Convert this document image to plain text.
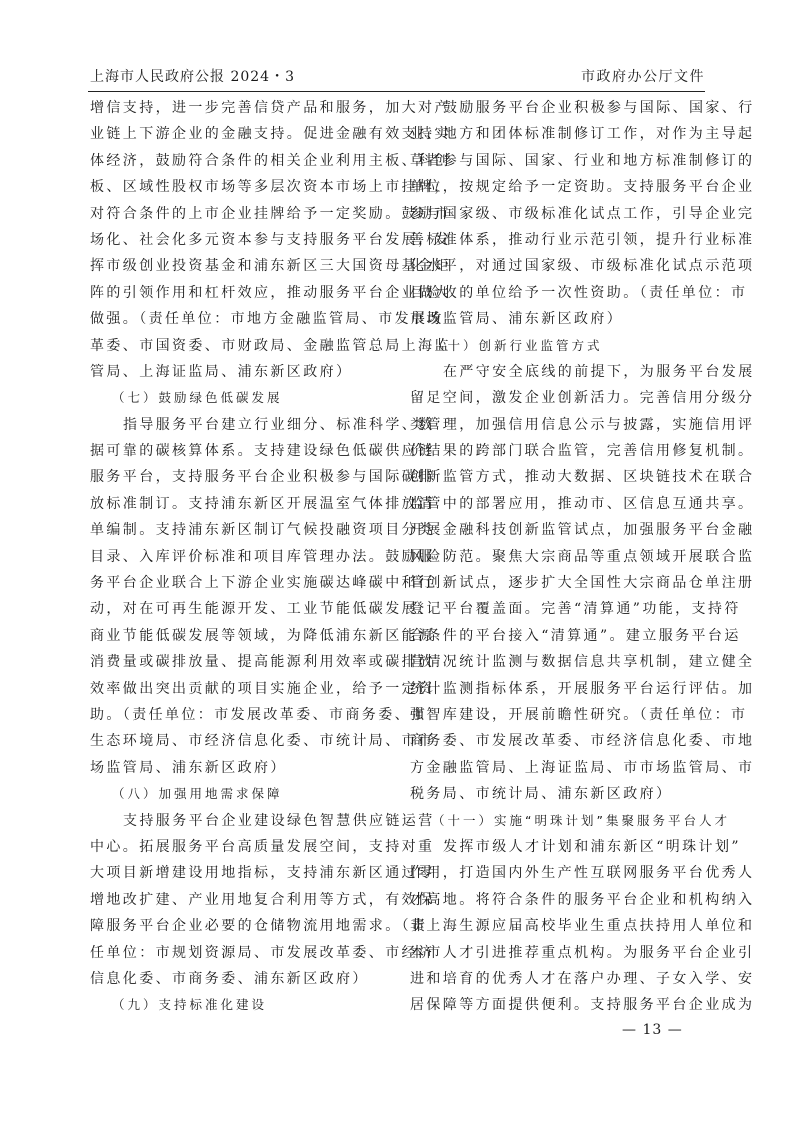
上海市人民政府公报 2024・3	市政府办公厅文件
增信支持，进一步完善信贷产品和服务，加大对产
业链上下游企业的金融支持。促进金融有效支持实
体经济，鼓励符合条件的相关企业利用主板、科创
板、区域性股权市场等多层次资本市场上市挂牌，
对符合条件的上市企业挂牌给予一定奖励。鼓励市
场化、社会化多元资本参与支持服务平台发展，发
挥市级创业投资基金和浦东新区三大国资母基金矩
阵的引领作用和杠杆效应，推动服务平台企业做大
做强。（责任单位：市地方金融监管局、市发展改
革委、市国资委、市财政局、金融监管总局上海监
管局、上海证监局、浦东新区政府）
（七）鼓励绿色低碳发展
指导服务平台建立行业细分、标准科学、数
据可靠的碳核算体系。支持建设绿色低碳供应链
服务平台，支持服务平台企业积极参与国际碳排
放标准制订。支持浦东新区开展温室气体排放清
单编制。支持浦东新区制订气候投融资项目分类
目录、入库评价标准和项目库管理办法。鼓励服
务平台企业联合上下游企业实施碳达峰碳中和行
动，对在可再生能源开发、工业节能低碳发展、
商业节能低碳发展等领域，为降低浦东新区能源
消费量或碳排放量、提高能源利用效率或碳排放
效率做出突出贡献的项目实施企业，给予一定资
助。（责任单位：市发展改革委、市商务委、市
生态环境局、市经济信息化委、市统计局、市市
场监管局、浦东新区政府）
（八）加强用地需求保障
支持服务平台企业建设绿色智慧供应链运营
中心。拓展服务平台高质量发展空间，支持对重
大项目新增建设用地指标，支持浦东新区通过零
增地改扩建、产业用地复合利用等方式，有效保
障服务平台企业必要的仓储物流用地需求。（责
任单位：市规划资源局、市发展改革委、市经济
信息化委、市商务委、浦东新区政府）
（九）支持标准化建设
鼓励服务平台企业积极参与国际、国家、行
业、地方和团体标准制修订工作，对作为主导起
草者参与国际、国家、行业和地方标准制修订的
单位，按规定给予一定资助。支持服务平台企业
参与国家级、市级标准化试点工作，引导企业完
善标准体系，推动行业示范引领，提升行业标准
化水平，对通过国家级、市级标准化试点示范项
目验收的单位给予一次性资助。（责任单位：市
市场监管局、浦东新区政府）
（十）创新行业监管方式
在严守安全底线的前提下，为服务平台发展
留足空间，激发企业创新活力。完善信用分级分
类管理，加强信用信息公示与披露，实施信用评
价结果的跨部门联合监管，完善信用修复机制。
创新监管方式，推动大数据、区块链技术在联合
监管中的部署应用，推动市、区信息互通共享。
开展金融科技创新监管试点，加强服务平台金融
风险防范。聚焦大宗商品等重点领域开展联合监
管创新试点，逐步扩大全国性大宗商品仓单注册
登记平台覆盖面。完善“清算通”功能，支持符
合条件的平台接入“清算通”。建立服务平台运
营情况统计监测与数据信息共享机制，建立健全
统计监测指标体系，开展服务平台运行评估。加
强智库建设，开展前瞻性研究。（责任单位：市
商务委、市发展改革委、市经济信息化委、市地
方金融监管局、上海证监局、市市场监管局、市
税务局、市统计局、浦东新区政府）
（十一）实施“明珠计划”集聚服务平台人才
发挥市级人才计划和浦东新区“明珠计划”
作用，打造国内外生产性互联网服务平台优秀人
才高地。将符合条件的服务平台企业和机构纳入
非上海生源应届高校毕业生重点扶持用人单位和
本市人才引进推荐重点机构。为服务平台企业引
进和培育的优秀人才在落户办理、子女入学、安
居保障等方面提供便利。支持服务平台企业成为
— 13 —
